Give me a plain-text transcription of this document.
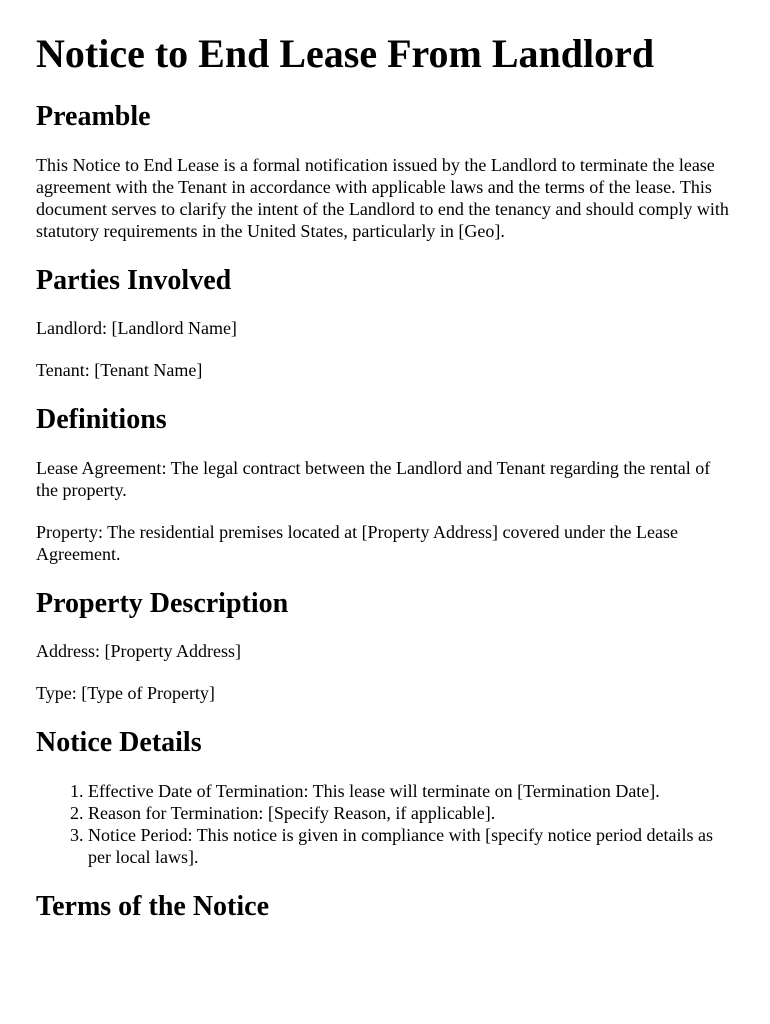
Notice to End Lease From Landlord
Preamble

This Notice to End Lease is a formal notification issued by the Landlord to terminate the lease agreement with the Tenant in accordance with applicable laws and the terms of the lease. This document serves to clarify the intent of the Landlord to end the tenancy and should comply with statutory requirements in the United States, particularly in [Geo].

Parties Involved

Landlord: [Landlord Name]

Tenant: [Tenant Name]

Definitions

Lease Agreement: The legal contract between the Landlord and Tenant regarding the rental of the property.

Property: The residential premises located at [Property Address] covered under the Lease Agreement.

Property Description

Address: [Property Address]

Type: [Type of Property]

Notice Details
1. Effective Date of Termination: This lease will terminate on [Termination Date].
2. Reason for Termination: [Specify Reason, if applicable].
3. Notice Period: This notice is given in compliance with [specify notice period details as per local laws].
Terms of the Notice
